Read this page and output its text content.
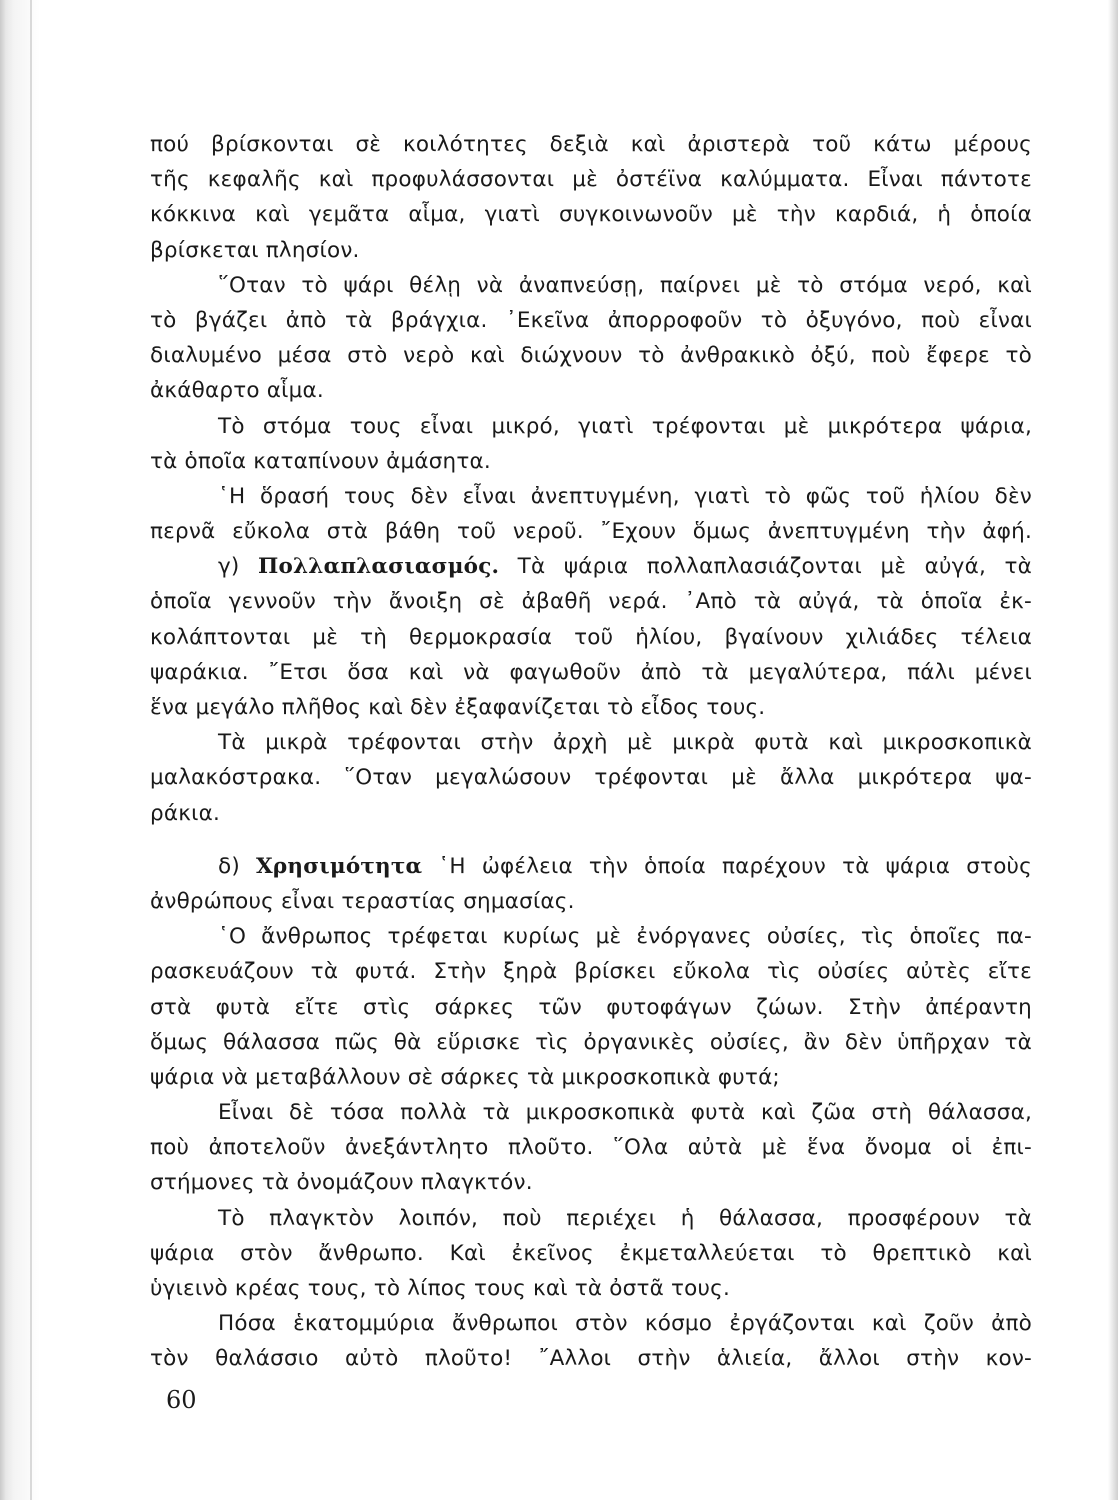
πού βρίσκονται σὲ κοιλότητες δεξιὰ καὶ ἀριστερὰ τοῦ κάτω μέρους
τῆς κεφαλῆς καὶ προφυλάσσονται μὲ ὀστέϊνα καλύμματα. Εἶναι πάντοτε
κόκκινα καὶ γεμᾶτα αἷμα, γιατὶ συγκοινωνοῦν μὲ τὴν καρδιά, ἡ ὁποία
βρίσκεται πλησίον.
῞Οταν τὸ ψάρι θέλῃ νὰ ἀναπνεύσῃ, παίρνει μὲ τὸ στόμα νερό, καὶ
τὸ βγάζει ἀπὸ τὰ βράγχια. ᾿Εκεῖνα ἀπορροφοῦν τὸ ὀξυγόνο, ποὺ εἶναι
διαλυμένο μέσα στὸ νερὸ καὶ διώχνουν τὸ ἀνθρακικὸ ὀξύ, ποὺ ἔφερε τὸ
ἀκάθαρτο αἷμα.
Τὸ στόμα τους εἶναι μικρό, γιατὶ τρέφονται μὲ μικρότερα ψάρια,
τὰ ὁποῖα καταπίνουν ἀμάσητα.
῾Η ὅρασή τους δὲν εἶναι ἀνεπτυγμένη, γιατὶ τὸ φῶς τοῦ ἡλίου δὲν
περνᾶ εὔκολα στὰ βάθη τοῦ νεροῦ. ῎Εχουν ὅμως ἀνεπτυγμένη τὴν ἀφή.
γ) Πολλαπλασιασμός. Τὰ ψάρια πολλαπλασιάζονται μὲ αὐγά, τὰ
ὁποῖα γεννοῦν τὴν ἄνοιξη σὲ ἀβαθῆ νερά. ᾿Απὸ τὰ αὐγά, τὰ ὁποῖα ἐκ-
κολάπτονται μὲ τὴ θερμοκρασία τοῦ ἡλίου, βγαίνουν χιλιάδες τέλεια
ψαράκια. ῎Ετσι ὅσα καὶ νὰ φαγωθοῦν ἀπὸ τὰ μεγαλύτερα, πάλι μένει
ἕνα μεγάλο πλῆθος καὶ δὲν ἐξαφανίζεται τὸ εἶδος τους.
Τὰ μικρὰ τρέφονται στὴν ἀρχὴ μὲ μικρὰ φυτὰ καὶ μικροσκοπικὰ
μαλακόστρακα. ῞Οταν μεγαλώσουν τρέφονται μὲ ἄλλα μικρότερα ψα-
ράκια.
δ) Χρησιμότητα ῾Η ὠφέλεια τὴν ὁποία παρέχουν τὰ ψάρια στοὺς
ἀνθρώπους εἶναι τεραστίας σημασίας.
῾Ο ἄνθρωπος τρέφεται κυρίως μὲ ἐνόργανες οὐσίες, τὶς ὁποῖες πα-
ρασκευάζουν τὰ φυτά. Στὴν ξηρὰ βρίσκει εὔκολα τὶς οὐσίες αὐτὲς εἴτε
στὰ φυτὰ εἴτε στὶς σάρκες τῶν φυτοφάγων ζώων. Στὴν ἀπέραντη
ὅμως θάλασσα πῶς θὰ εὕρισκε τὶς ὀργανικὲς οὐσίες, ἂν δὲν ὑπῆρχαν τὰ
ψάρια νὰ μεταβάλλουν σὲ σάρκες τὰ μικροσκοπικὰ φυτά;
Εἶναι δὲ τόσα πολλὰ τὰ μικροσκοπικὰ φυτὰ καὶ ζῶα στὴ θάλασσα,
ποὺ ἀποτελοῦν ἀνεξάντλητο πλοῦτο. ῞Ολα αὐτὰ μὲ ἕνα ὄνομα οἱ ἐπι-
στήμονες τὰ ὀνομάζουν πλαγκτόν.
Τὸ πλαγκτὸν λοιπόν, ποὺ περιέχει ἡ θάλασσα, προσφέρουν τὰ
ψάρια στὸν ἄνθρωπο. Καὶ ἐκεῖνος ἐκμεταλλεύεται τὸ θρεπτικὸ καὶ
ὑγιεινὸ κρέας τους, τὸ λίπος τους καὶ τὰ ὀστᾶ τους.
Πόσα ἑκατομμύρια ἄνθρωποι στὸν κόσμο ἐργάζονται καὶ ζοῦν ἀπὸ
τὸν θαλάσσιο αὐτὸ πλοῦτο! ῎Αλλοι στὴν ἁλιεία, ἄλλοι στὴν κον-
60
